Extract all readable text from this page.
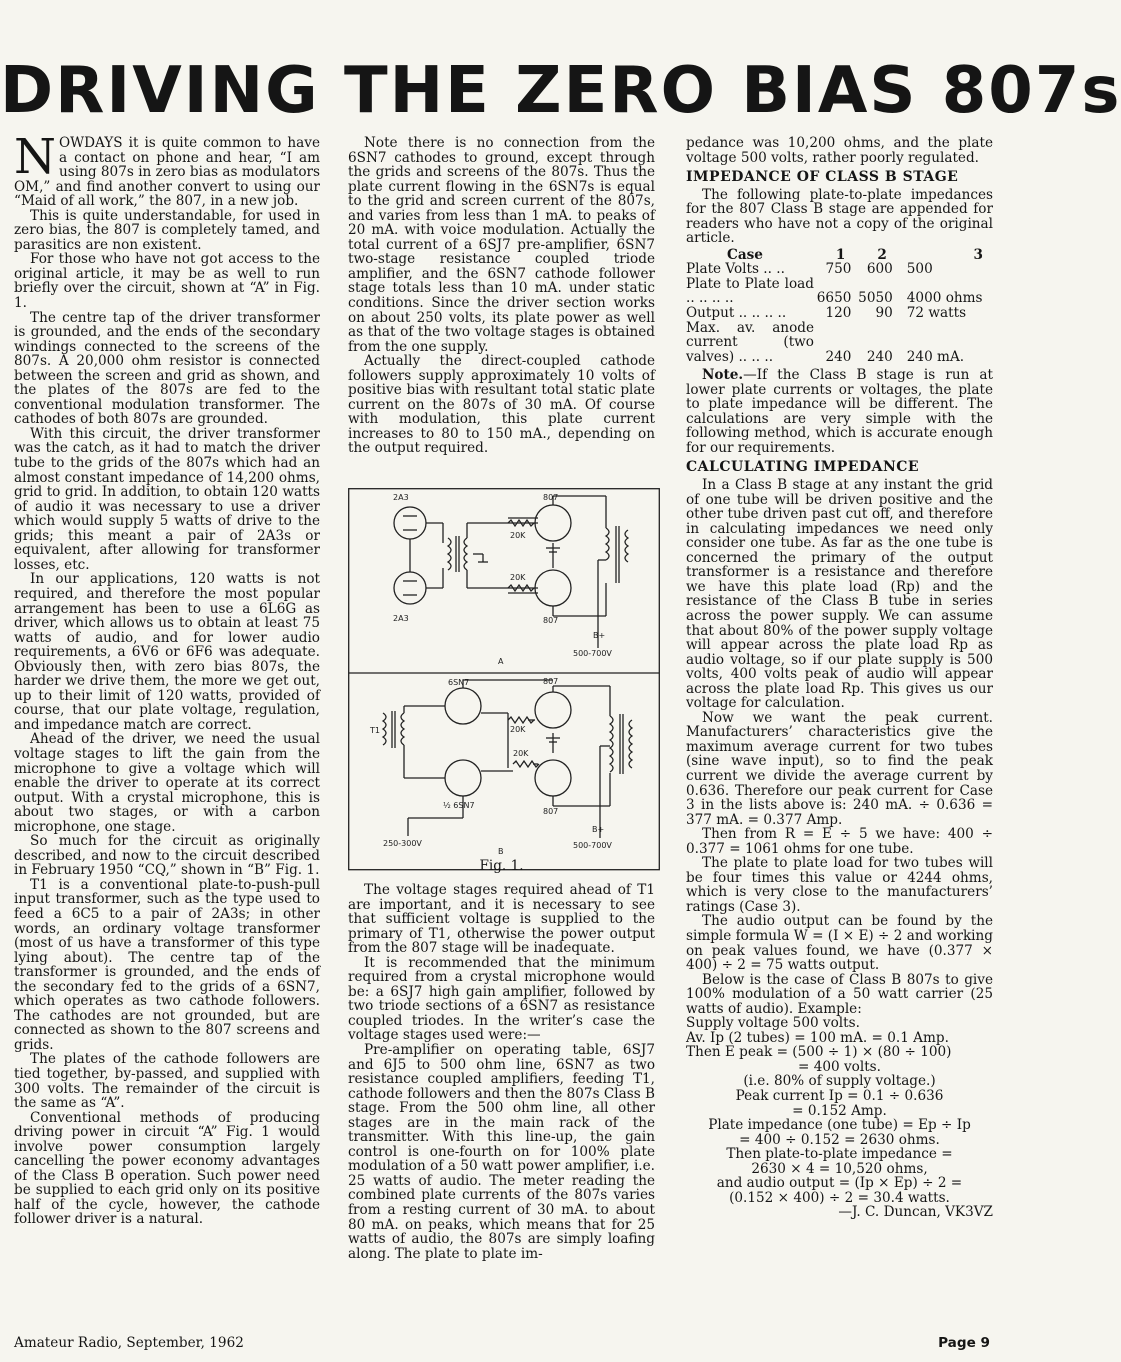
DRIVING THE ZERO BIAS 807s

NOWDAYS it is quite common to have a contact on phone and hear, “I am using 807s in zero bias as modulators OM,” and find another convert to using our “Maid of all work,” the 807, in a new job.

This is quite understandable, for used in zero bias, the 807 is completely tamed, and parasitics are non existent.

For those who have not got access to the original article, it may be as well to run briefly over the circuit, shown at “A” in Fig. 1.

The centre tap of the driver transformer is grounded, and the ends of the secondary windings connected to the screens of the 807s. A 20,000 ohm resistor is connected between the screen and grid as shown, and the plates of the 807s are fed to the conventional modulation transformer. The cathodes of both 807s are grounded.

With this circuit, the driver transformer was the catch, as it had to match the driver tube to the grids of the 807s which had an almost constant impedance of 14,200 ohms, grid to grid. In addition, to obtain 120 watts of audio it was necessary to use a driver which would supply 5 watts of drive to the grids; this meant a pair of 2A3s or equivalent, after allowing for transformer losses, etc.

In our applications, 120 watts is not required, and therefore the most popular arrangement has been to use a 6L6G as driver, which allows us to obtain at least 75 watts of audio, and for lower audio requirements, a 6V6 or 6F6 was adequate. Obviously then, with zero bias 807s, the harder we drive them, the more we get out, up to their limit of 120 watts, provided of course, that our plate voltage, regulation, and impedance match are correct.

Ahead of the driver, we need the usual voltage stages to lift the gain from the microphone to give a voltage which will enable the driver to operate at its correct output. With a crystal microphone, this is about two stages, or with a carbon microphone, one stage.

So much for the circuit as originally described, and now to the circuit described in February 1950 “CQ,” shown in “B” Fig. 1.

T1 is a conventional plate-to-push-pull input transformer, such as the type used to feed a 6C5 to a pair of 2A3s; in other words, an ordinary voltage transformer (most of us have a transformer of this type lying about). The centre tap of the transformer is grounded, and the ends of the secondary fed to the grids of a 6SN7, which operates as two cathode followers. The cathodes are not grounded, but are connected as shown to the 807 screens and grids.

The plates of the cathode followers are tied together, by-passed, and supplied with 300 volts. The remainder of the circuit is the same as “A”.

Conventional methods of producing driving power in circuit “A” Fig. 1 would involve power consumption largely cancelling the power economy advantages of the Class B operation. Such power need be supplied to each grid only on its positive half of the cycle, however, the cathode follower driver is a natural.

Note there is no connection from the 6SN7 cathodes to ground, except through the grids and screens of the 807s. Thus the plate current flowing in the 6SN7s is equal to the grid and screen current of the 807s, and varies from less than 1 mA. to peaks of 20 mA. with voice modulation. Actually the total current of a 6SJ7 pre-amplifier, 6SN7 two-stage resistance coupled triode amplifier, and the 6SN7 cathode follower stage totals less than 10 mA. under static conditions. Since the driver section works on about 250 volts, its plate power as well as that of the two voltage stages is obtained from the one supply.

Actually the direct-coupled cathode followers supply approximately 10 volts of positive bias with resultant total static plate current on the 807s of 30 mA. Of course with modulation, this plate current increases to 80 to 150 mA., depending on the output required.

2A3
2A3
807
807
20K
20K
B+
500-700V
A
6SN7	807
807
T1	20K
20K
½ 6SN7
250-300V
B
B+
500-700V
Fig. 1.

The voltage stages required ahead of T1 are important, and it is necessary to see that sufficient voltage is supplied to the primary of T1, otherwise the power output from the 807 stage will be inadequate.

It is recommended that the minimum required from a crystal microphone would be: a 6SJ7 high gain amplifier, followed by two triode sections of a 6SN7 as resistance coupled triodes. In the writer’s case the voltage stages used were:—

Pre-amplifier on operating table, 6SJ7 and 6J5 to 500 ohm line, 6SN7 as two resistance coupled amplifiers, feeding T1, cathode followers and then the 807s Class B stage. From the 500 ohm line, all other stages are in the main rack of the transmitter. With this line-up, the gain control is one-fourth on for 100% plate modulation of a 50 watt power amplifier, i.e. 25 watts of audio. The meter reading the combined plate currents of the 807s varies from a resting current of 30 mA. to about 80 mA. on peaks, which means that for 25 watts of audio, the 807s are simply loafing along. The plate to plate im-

pedance was 10,200 ohms, and the plate voltage 500 volts, rather poorly regulated.

IMPEDANCE OF CLASS B STAGE

The following plate-to-plate impedances for the 807 Class B stage are appended for readers who have not a copy of the original article.

Case	1	2	3
Plate Volts .. ..	750	600	500
Plate to Plate load .. .. .. ..	6650	5050	4000 ohms
Output .. .. .. ..	120	90	72 watts
Max. av. anode current (two valves) .. .. ..	240	240	240 mA.

Note.—If the Class B stage is run at lower plate currents or voltages, the plate to plate impedance will be different. The calculations are very simple with the following method, which is accurate enough for our requirements.

CALCULATING IMPEDANCE

In a Class B stage at any instant the grid of one tube will be driven positive and the other tube driven past cut off, and therefore in calculating impedances we need only consider one tube. As far as the one tube is concerned the primary of the output transformer is a resistance and therefore we have this plate load (Rp) and the resistance of the Class B tube in series across the power supply. We can assume that about 80% of the power supply voltage will appear across the plate load Rp as audio voltage, so if our plate supply is 500 volts, 400 volts peak of audio will appear across the plate load Rp. This gives us our voltage for calculation.

Now we want the peak current. Manufacturers’ characteristics give the maximum average current for two tubes (sine wave input), so to find the peak current we divide the average current by 0.636. Therefore our peak current for Case 3 in the lists above is: 240 mA. ÷ 0.636 = 377 mA. = 0.377 Amp.

Then from R = E ÷ 5 we have: 400 ÷ 0.377 = 1061 ohms for one tube.

The plate to plate load for two tubes will be four times this value or 4244 ohms, which is very close to the manufacturers’ ratings (Case 3).

The audio output can be found by the simple formula W = (I × E) ÷ 2 and working on peak values found, we have (0.377 × 400) ÷ 2 = 75 watts output.

Below is the case of Class B 807s to give 100% modulation of a 50 watt carrier (25 watts of audio). Example:

Supply voltage 500 volts.

Av. Ip (2 tubes) = 100 mA. = 0.1 Amp.

Then E peak = (500 ÷ 1) × (80 ÷ 100)

= 400 volts.

(i.e. 80% of supply voltage.)

Peak current Ip = 0.1 ÷ 0.636

= 0.152 Amp.

Plate impedance (one tube) = Ep ÷ Ip

= 400 ÷ 0.152 = 2630 ohms.

Then plate-to-plate impedance =

2630 × 4 = 10,520 ohms,

and audio output = (Ip × Ep) ÷ 2 =

(0.152 × 400) ÷ 2 = 30.4 watts.

—J. C. Duncan, VK3VZ

Amateur Radio, September, 1962	Page 9
